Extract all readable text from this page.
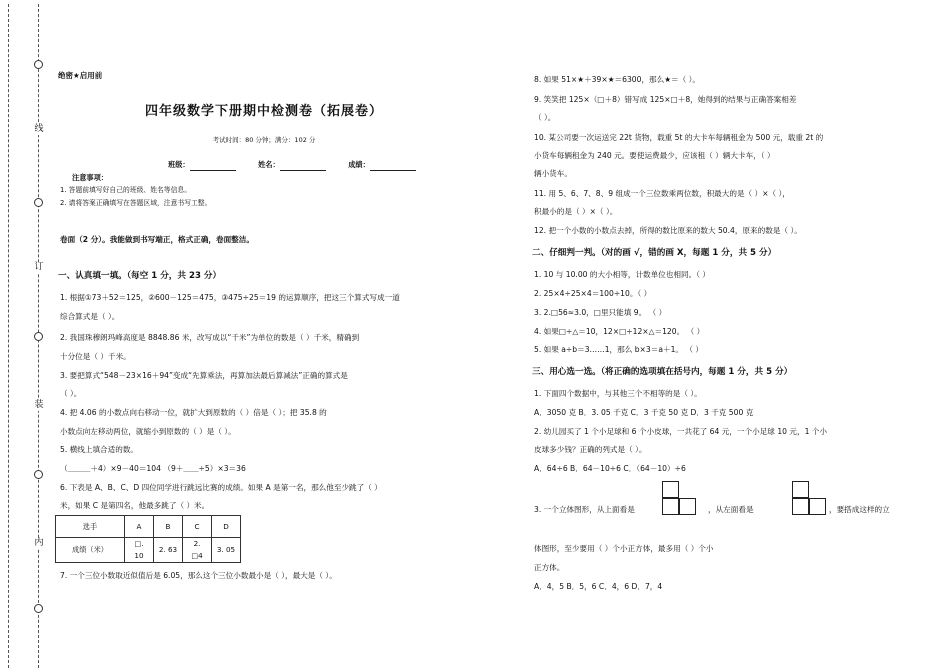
线
订
装
内
绝密★启用前
四年级数学下册期中检测卷（拓展卷）
考试时间：80 分钟；满分：102 分
班级：	姓名：	成绩：
注意事项：
1. 答题前填写好自己的班级、姓名等信息。
2. 请将答案正确填写在答题区域，注意书写工整。
卷面（2 分）。我能做到书写端正，格式正确，卷面整洁。
一、认真填一填。（每空 1 分，共 23 分）
1. 根据①73＋52＝125，②600－125＝475，③475÷25＝19 的运算顺序，把这三个算式写成一道
综合算式是（ ）。
2. 我国珠穆朗玛峰高度是 8848.86 米，改写成以“千米”为单位的数是（ ）千米，精确到
十分位是（ ）千米。
3. 要把算式“548－23×16＋94”变成“先算乘法，再算加法最后算减法”正确的算式是
（ ）。
4. 把 4.06 的小数点向右移动一位，就扩大到原数的（ ）倍是（ ）；把 35.8 的
小数点向左移动两位，就缩小到原数的（ ）是（ ）。
5. 横线上填合适的数。
（＿＿＿＋4）×9－40＝104 （9＋＿＿÷5）×3＝36
6. 下表是 A、B、C、D 四位同学进行跳远比赛的成绩。如果 A 是第一名，那么他至少跳了（ ）
米，如果 C 是第四名，他最多跳了（ ）米。
选手	A	B	C	D
成绩（米）	□. 10	2. 63	2. □4	3. 05
7. 一个三位小数取近似值后是 6.05，那么这个三位小数最小是（ ），最大是（ ）。
8. 如果 51×★＋39×★＝6300，那么★＝（ ）。
9. 笑笑把 125×（□＋8）错写成 125×□＋8，她得到的结果与正确答案相差
（ ）。
10. 某公司要一次运送完 22t 货物，载重 5t 的大卡车每辆租金为 500 元，载重 2t 的
小货车每辆租金为 240 元。要使运费最少，应该租（ ）辆大卡车，（ ）
辆小货车。
11. 用 5、6、7、8、9 组成一个三位数乘两位数，积最大的是（ ）×（ ），
积最小的是（ ）×（ ）。
12. 把一个小数的小数点去掉，所得的数比原来的数大 50.4，原来的数是（ ）。
二、仔细判一判。（对的画 √，错的画 X，每题 1 分，共 5 分）
1. 10 与 10.00 的大小相等，计数单位也相同。（ ）
2. 25×4÷25×4＝100÷10。（ ）
3. 2.□56≈3.0，□里只能填 9。 （ ）
4. 如果□÷△＝10，12×□÷12×△＝120。 （ ）
5. 如果 a÷b＝3……1，那么 b×3＝a＋1。 （ ）
三、用心选一选。（将正确的选项填在括号内，每题 1 分，共 5 分）
1. 下面四个数据中，与其他三个不相等的是（ ）。
A．3050 克 B．3. 05 千克 C．3 千克 50 克 D．3 千克 500 克
2. 幼儿园买了 1 个小足球和 6 个小皮球，一共花了 64 元，一个小足球 10 元，1 个小
皮球多少钱？正确的列式是（ ）。
A．64÷6 B．64－10÷6 C．（64－10）÷6
3. 一个立体图形，从上面看是	，从左面看是	，要搭成这样的立
体图形，至少要用（ ）个小正方体，最多用（ ）个小
正方体。
A．4，5 B．5，6 C．4，6 D．7，4
